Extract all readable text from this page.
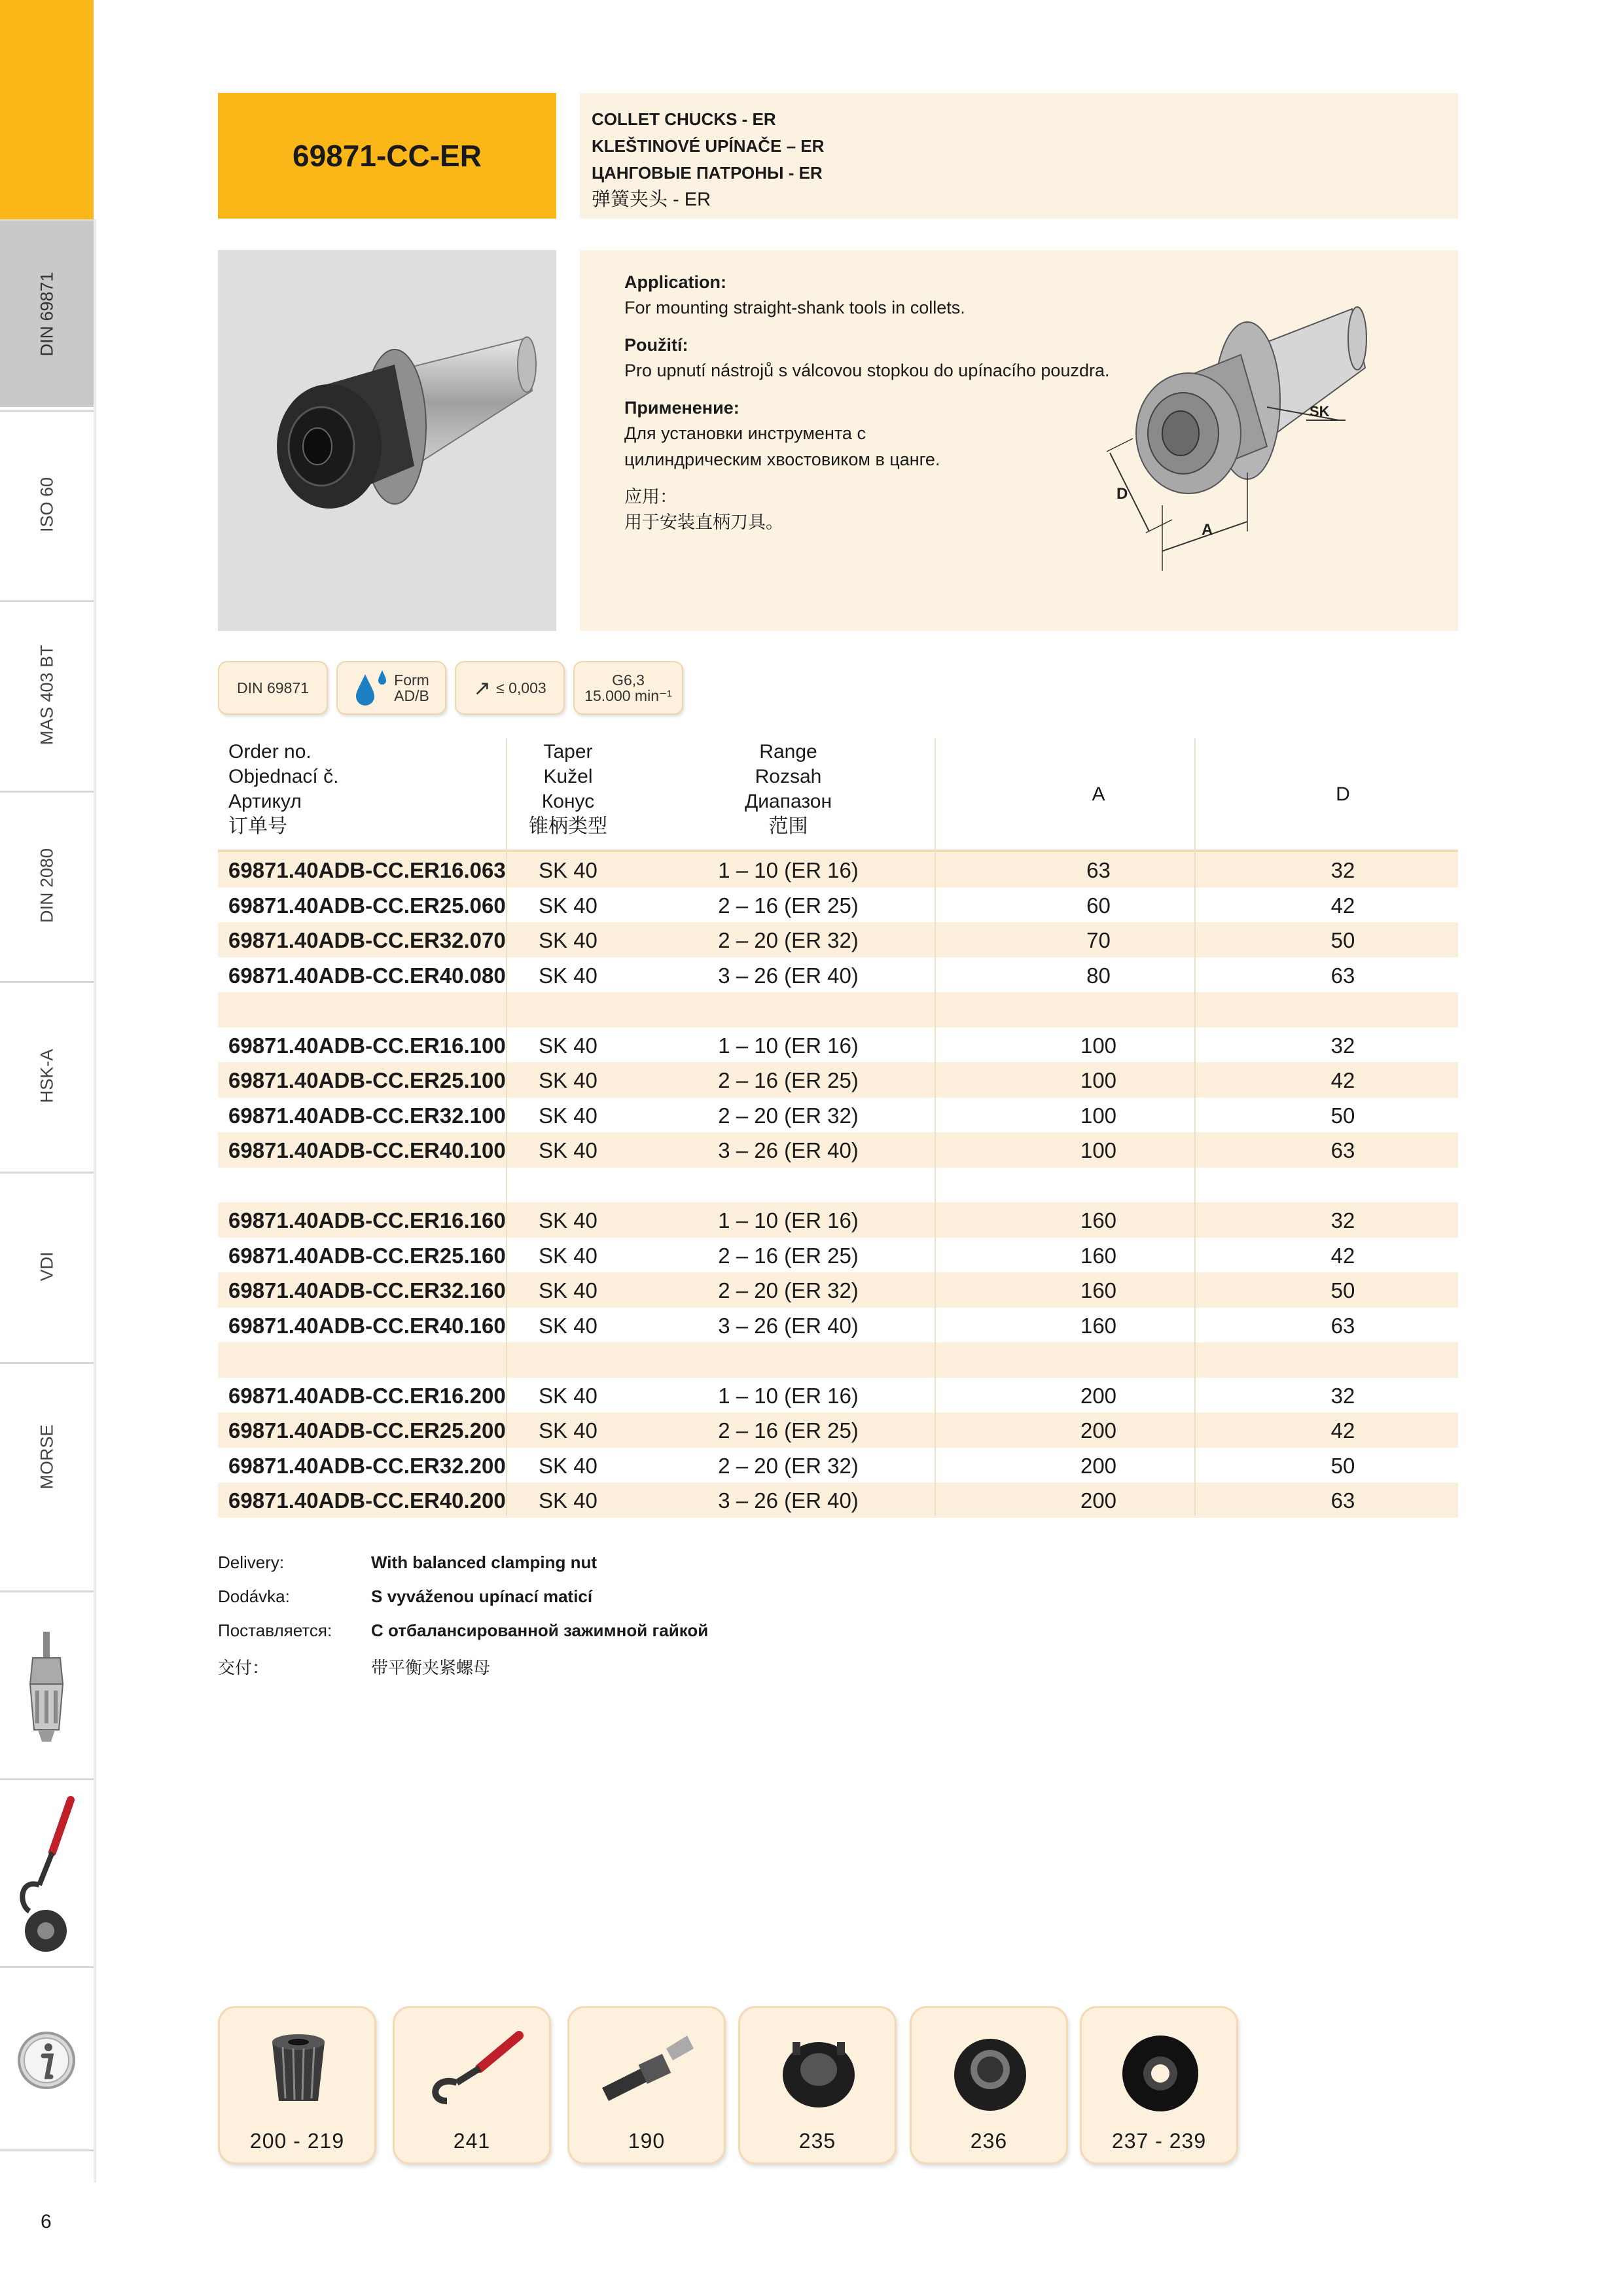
DIN 69871
ISO 60
MAS 403 BT
DIN 2080
HSK-A
VDI
MORSE
69871-CC-ER
COLLET CHUCKS - ER
KLEŠTINOVÉ UPÍNAČE – ER
ЦАНГОВЫЕ ПАТРОНЫ - ER
弹簧夹头 - ER
Application:
For mounting straight-shank tools in collets.
Použití:
Pro upnutí nástrojů s válcovou stopkou do upínacího pouzdra.
Применение:
Для установки инструмента с цилиндрическим хвостовиком в цанге.
应用：
用于安装直柄刀具。
SK
D
A
DIN 69871	Form
AD/B ↗ ≤ 0,003	G6,3
15.000 min⁻¹
Order no.
Objednací č.
Артикул
订单号
Taper
Kužel
Конус
锥柄类型
Range
Rozsah
Диапазон
范围
A	D
69871.40ADB-CC.ER16.063 SK 40	1 – 10 (ER 16)	63	32
69871.40ADB-CC.ER25.060 SK 40	2 – 16 (ER 25)	60	42
69871.40ADB-CC.ER32.070 SK 40	2 – 20 (ER 32)	70	50
69871.40ADB-CC.ER40.080 SK 40	3 – 26 (ER 40)	80	63
69871.40ADB-CC.ER16.100 SK 40	1 – 10 (ER 16)	100	32
69871.40ADB-CC.ER25.100 SK 40	2 – 16 (ER 25)	100	42
69871.40ADB-CC.ER32.100 SK 40	2 – 20 (ER 32)	100	50
69871.40ADB-CC.ER40.100 SK 40	3 – 26 (ER 40)	100	63
69871.40ADB-CC.ER16.160 SK 40	1 – 10 (ER 16)	160	32
69871.40ADB-CC.ER25.160 SK 40	2 – 16 (ER 25)	160	42
69871.40ADB-CC.ER32.160 SK 40	2 – 20 (ER 32)	160	50
69871.40ADB-CC.ER40.160 SK 40	3 – 26 (ER 40)	160	63
69871.40ADB-CC.ER16.200 SK 40	1 – 10 (ER 16)	200	32
69871.40ADB-CC.ER25.200 SK 40	2 – 16 (ER 25)	200	42
69871.40ADB-CC.ER32.200 SK 40	2 – 20 (ER 32)	200	50
69871.40ADB-CC.ER40.200 SK 40	3 – 26 (ER 40)	200	63
Delivery:	With balanced clamping nut
Dodávka:	S vyváženou upínací maticí
Поставляется: С отбалансированной зажимной гайкой
交付：	带平衡夹紧螺母
200 - 219	241	190	235	236	237 - 239
6
